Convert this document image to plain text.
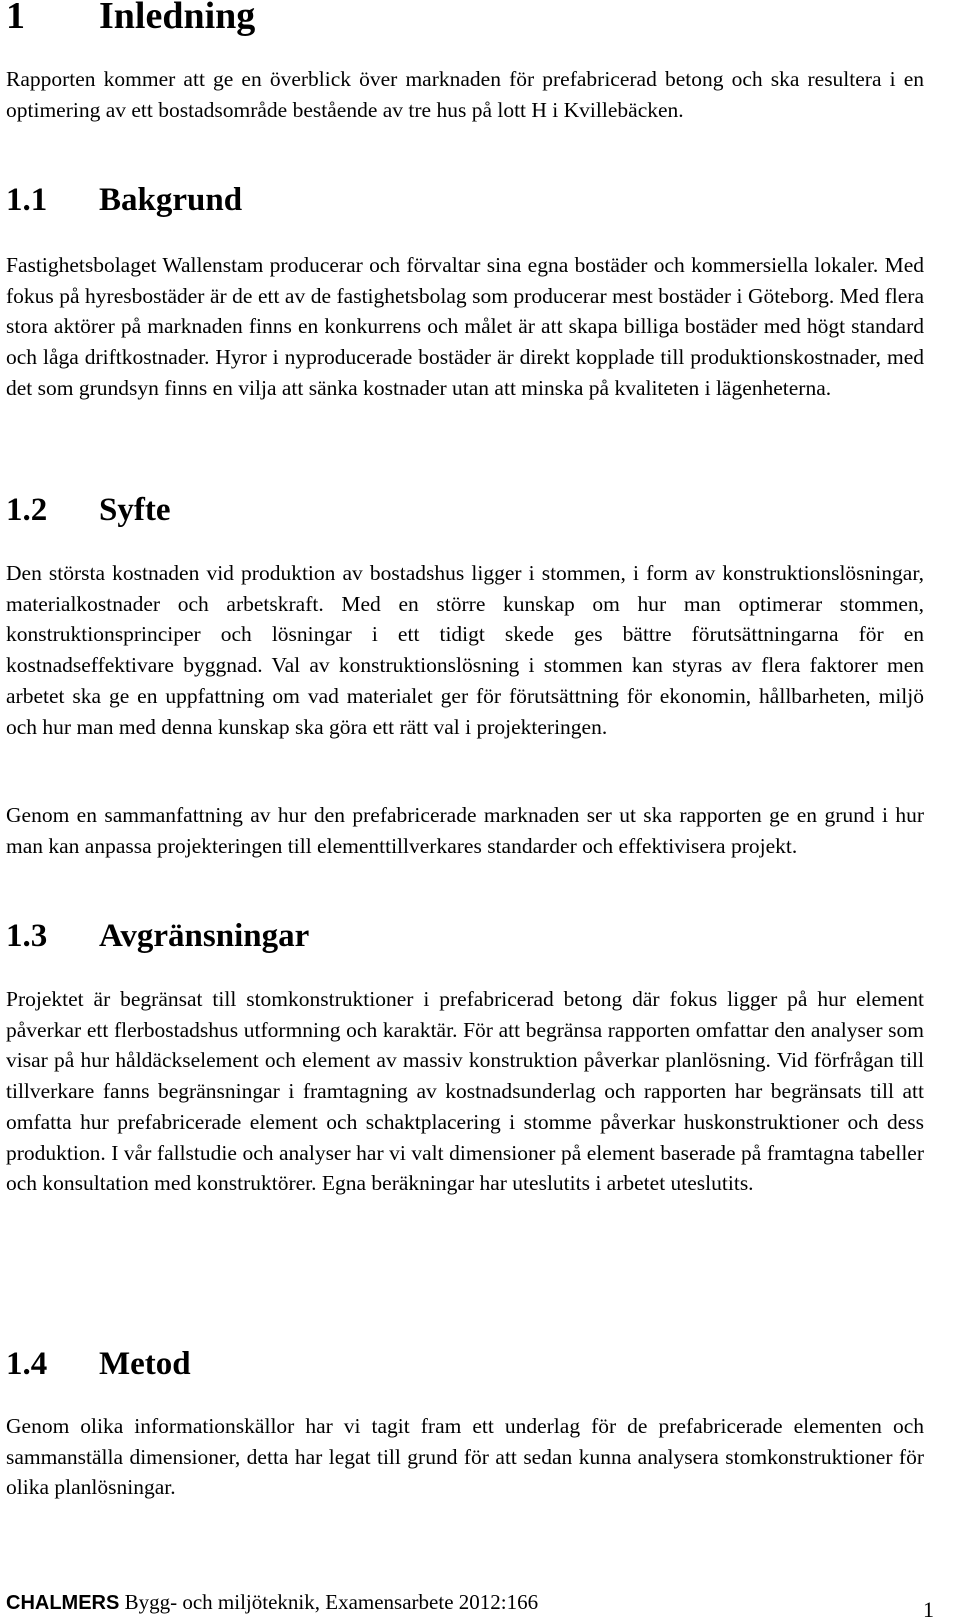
1 Inledning

Rapporten kommer att ge en överblick över marknaden för prefabricerad betong och ska resultera i en optimering av ett bostadsområde bestående av tre hus på lott H i Kvillebäcken.

1.1 Bakgrund

Fastighetsbolaget Wallenstam producerar och förvaltar sina egna bostäder och kommersiella lokaler. Med fokus på hyresbostäder är de ett av de fastighetsbolag som producerar mest bostäder i Göteborg. Med flera stora aktörer på marknaden finns en konkurrens och målet är att skapa billiga bostäder med högt standard och låga driftkostnader. Hyror i nyproducerade bostäder är direkt kopplade till produktionskostnader, med det som grundsyn finns en vilja att sänka kostnader utan att minska på kvaliteten i lägenheterna.

1.2 Syfte

Den största kostnaden vid produktion av bostadshus ligger i stommen, i form av konstruktionslösningar, materialkostnader och arbetskraft. Med en större kunskap om hur man optimerar stommen, konstruktionsprinciper och lösningar i ett tidigt skede ges bättre förutsättningarna för en kostnadseffektivare byggnad. Val av konstruktionslösning i stommen kan styras av flera faktorer men arbetet ska ge en uppfattning om vad materialet ger för förutsättning för ekonomin, hållbarheten, miljö och hur man med denna kunskap ska göra ett rätt val i projekteringen.

Genom en sammanfattning av hur den prefabricerade marknaden ser ut ska rapporten ge en grund i hur man kan anpassa projekteringen till elementtillverkares standarder och effektivisera projekt.

1.3 Avgränsningar

Projektet är begränsat till stomkonstruktioner i prefabricerad betong där fokus ligger på hur element påverkar ett flerbostadshus utformning och karaktär. För att begränsa rapporten omfattar den analyser som visar på hur håldäckselement och element av massiv konstruktion påverkar planlösning. Vid förfrågan till tillverkare fanns begränsningar i framtagning av kostnadsunderlag och rapporten har begränsats till att omfatta hur prefabricerade element och schaktplacering i stomme påverkar huskonstruktioner och dess produktion. I vår fallstudie och analyser har vi valt dimensioner på element baserade på framtagna tabeller och konsultation med konstruktörer. Egna beräkningar har uteslutits i arbetet uteslutits.

1.4 Metod

Genom olika informationskällor har vi tagit fram ett underlag för de prefabricerade elementen och sammanställa dimensioner, detta har legat till grund för att sedan kunna analysera stomkonstruktioner för olika planlösningar.

CHALMERS Bygg- och miljöteknik, Examensarbete 2012:166	1
